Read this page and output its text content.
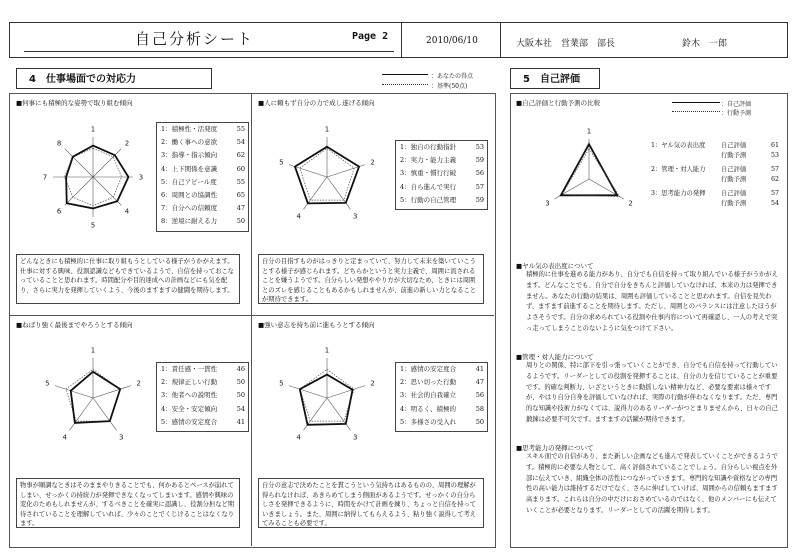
自己分析シート	Page 2	2010/06/10	大阪本社　営業部　部長	鈴木　一郎
4　仕事場面での対応力	：あなたの得点
：基準(50点)
5　自己評価
■何事にも積極的な姿勢で取り組む傾向
1
2
3
4
5
6
7
8
1：積極性・活発度	55
2：働く事への意欲	54
3：指導・指示傾向	62
4：上下関係を意識	60
5：自己アピール度	55
6：周囲との協調性	65
7：自分への信頼度	47
8：逆境に耐える力	50
どんなときにも積極的に仕事に取り組もうとしている様子がうかがえます。仕事に対する興味、役割認識などもできているようで、自信を持っておこなっていることと思われます。時間配分や目的達成への計画などにも気を配り、さらに実力を発揮していくよう、今後のますますの健闘を期待します。
■人に頼もず自分の力で成し遂げる傾向
1
2
3
4
5
1：独自の行動指針	53
2：実力・能力主義	59
3：慎重・慣行行破	56
4：自ら進んで実行	57
5：行動の自己管理	59
自分の目指すものがはっきりと定まっていて、努力して未来を築いていこうとする様子が感じられます。どちらかというと実力主義で、周囲に流されることを嫌うようです。自分らしい発想ややり方が大切なため、ときには周囲とのズレを感じることもあるかもしれませんが、前進の新しい力となることが期待できます。
■ねばり強く最後までやろうとする傾向
1
2
3
4
5
1：責任感・一貫性	46
2：規律正しい行動	50
3：他者への説明性	50
4：安全・安定傾向	54
5：感情の安定度合	41
物事が順調なときはそのままやりきることでも、何かあるとペースが崩れてしまい、せっかくの持続力が発揮できなくなってしまいます。感情や興味の変化のためもしれませんが、するべきことを確実に認識し、役割分担など期待されていることを理解していれば、少々のことでくじけることはなくなります。
■強い意志を持ち前に進もうとする傾向
1
2
3
4
5
1：感情の安定度合	41
2：思い切った行動	47
3：社会的自我確立	56
4：明るく、積極的	58
5：多様さの受入れ	50
自分の意志で決めたことを貫こうという気持ちはあるものの、周囲の理解が得られなければ、あきらめてしまう側面があるようです。せっかくの自分らしさを発揮できるように、時間をかけて計画を練り、ちょっと自信を持っていきましょう。また、周囲に納得してもらえるよう、粘り強く説得して考えてみることも必要です。
■自己評価と行動予測の比較	：自己評価
：行動予測
1
2
3
1：ヤル気の表出度 自己評価	61
行動予測	53
2：管理・対人能力 自己評価	57
行動予測	62
3：思考能力の発揮 自己評価	57
行動予測	54
■ヤル気の表出度について
積極的に仕事を進める能力があり、自分でも自信を持って取り組んでいる様子がうかがえます。どんなことでも、自分で自分をきちんと評価していなければ、本来の力は発揮できません。あなたの行動の結果は、周囲も評価していることと思われます。自信を見失わず、ますます前進することを期待します。ただし、周囲とのバランスには注意したほうがよさそうです。自分の求められている役割や仕事内容について再確認し、一人の考えで突っ走ってしまうことのないように気をつけて下さい。
■管理・対人能力について
周りとの関係、特に部下を引っ張っていくことができ、自分でも自信を持って行動しているようです。リーダーとしての役割を発揮することは、自分の力を信じていることが重要です。的確な判断力、いざというときに動揺しない精神力など、必要な要素は様々ですが、やはり自分自身を評価していなければ、実際の行動が伴わなくなります。ただ、専門的な知識や技術力がなくては、説得力のあるリーダーがつとまりませんから、日々の自己鍛錬は必要不可欠です。ますますの活躍が期待できます。
■思考能力の発揮について
スキル面での自信があり、また新しい企画なども進んで発表していくことができるようです。積極的に必要な人物として、高く評価されていることでしょう。自分らしい視点を外部に伝えていき、組織全体の活性につながっていきます。専門的な知識や資格などの専門性の高い能力は維持するだけでなく、さらに伸ばしていけば、周囲からの信頼もますます高まります。これらは自分の中だけにおさめているのではなく、他のメンバーにも伝えていくことが必要となります。リーダーとしての活躍を期待します。
